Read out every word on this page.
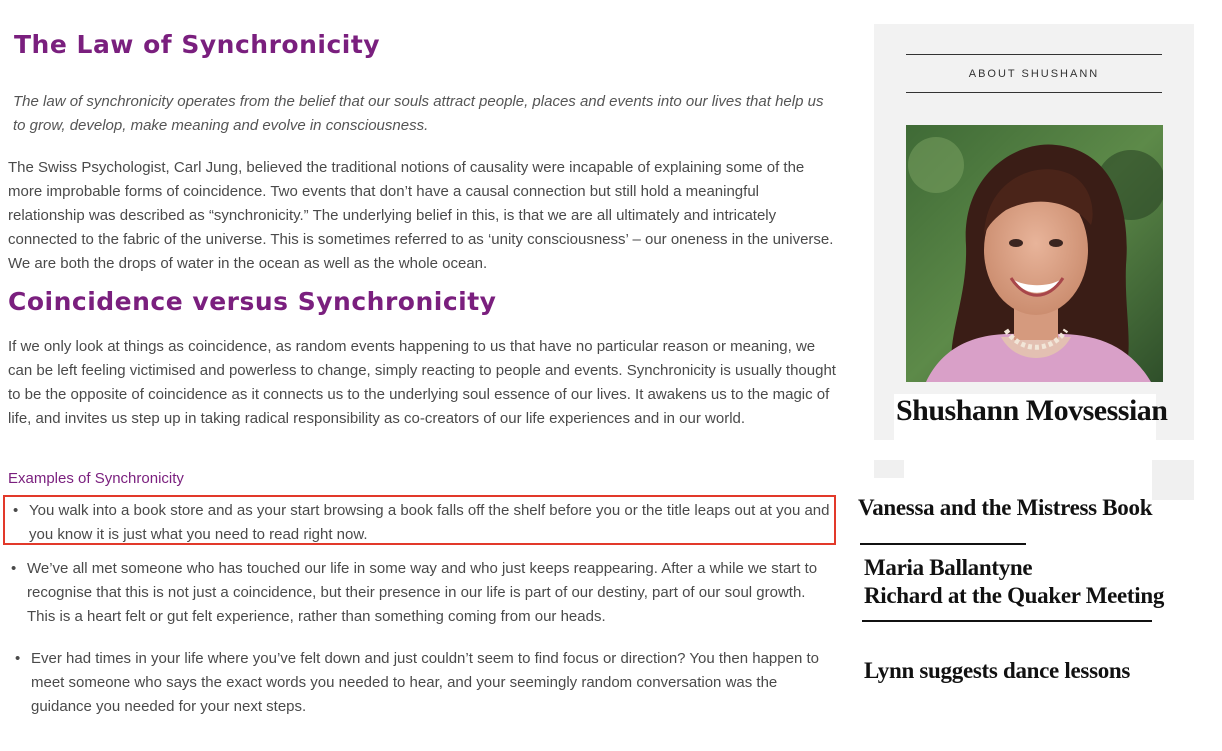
The Law of Synchronicity
The law of synchronicity operates from the belief that our souls attract people, places and events into our lives that help us to grow, develop, make meaning and evolve in consciousness.
The Swiss Psychologist, Carl Jung, believed the traditional notions of causality were incapable of explaining some of the more improbable forms of coincidence. Two events that don’t have a causal connection but still hold a meaningful relationship was described as “synchronicity.” The underlying belief in this, is that we are all ultimately and intricately connected to the fabric of the universe. This is sometimes referred to as ‘unity consciousness’ – our oneness in the universe. We are both the drops of water in the ocean as well as the whole ocean.
Coincidence versus Synchronicity
If we only look at things as coincidence, as random events happening to us that have no particular reason or meaning, we can be left feeling victimised and powerless to change, simply reacting to people and events. Synchronicity is usually thought to be the opposite of coincidence as it connects us to the underlying soul essence of our lives. It awakens us to the magic of life, and invites us step up in taking radical responsibility as co-creators of our life experiences and in our world.
Examples of Synchronicity
• You walk into a book store and as your start browsing a book falls off the shelf before you or the title leaps out at you and you know it is just what you need to read right now.
• We’ve all met someone who has touched our life in some way and who just keeps reappearing. After a while we start to recognise that this is not just a coincidence, but their presence in our life is part of our destiny, part of our soul growth. This is a heart felt or gut felt experience, rather than something coming from our heads.
• Ever had times in your life where you’ve felt down and just couldn’t seem to find focus or direction? You then happen to meet someone who says the exact words you needed to hear, and your seemingly random conversation was the guidance you needed for your next steps.
ABOUT SHUSHANN
Shushann Movsessian
Vanessa and the Mistress Book
Maria Ballantyne
Richard at the Quaker Meeting
Lynn suggests dance lessons
